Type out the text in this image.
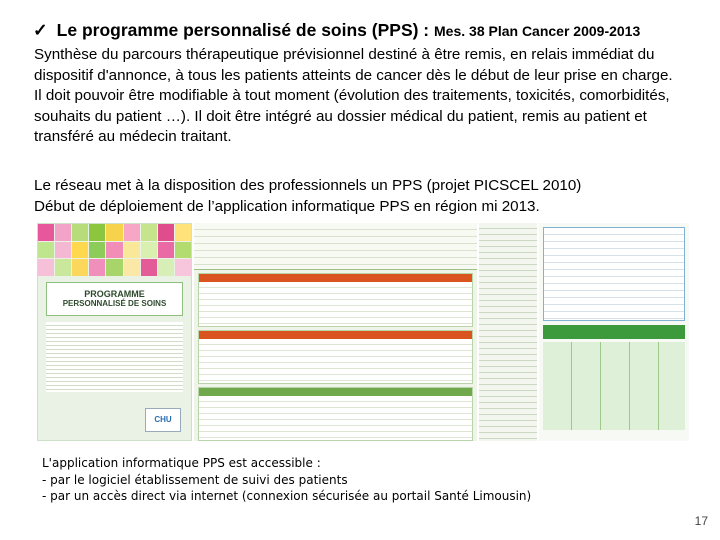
✓ Le programme personnalisé de soins (PPS) : Mes. 38 Plan Cancer 2009-2013
Synthèse du parcours thérapeutique prévisionnel destiné à être remis, en relais immédiat du dispositif d'annonce, à tous les patients atteints de cancer dès le début de leur prise en charge. Il doit pouvoir être modifiable à tout moment (évolution des traitements, toxicités, comorbidités, souhaits du patient …). Il doit être intégré au dossier médical du patient, remis au patient et transféré au médecin traitant.
Le réseau met à la disposition des professionnels un PPS (projet PICSCEL 2010)
Début de déploiement de l’application informatique PPS en région mi 2013.
PROGRAMME
PERSONNALISÉ DE SOINS
CHU
L'application informatique PPS est accessible :
- par le logiciel établissement de suivi des patients
- par un accès direct via internet (connexion sécurisée au portail Santé Limousin)
17
